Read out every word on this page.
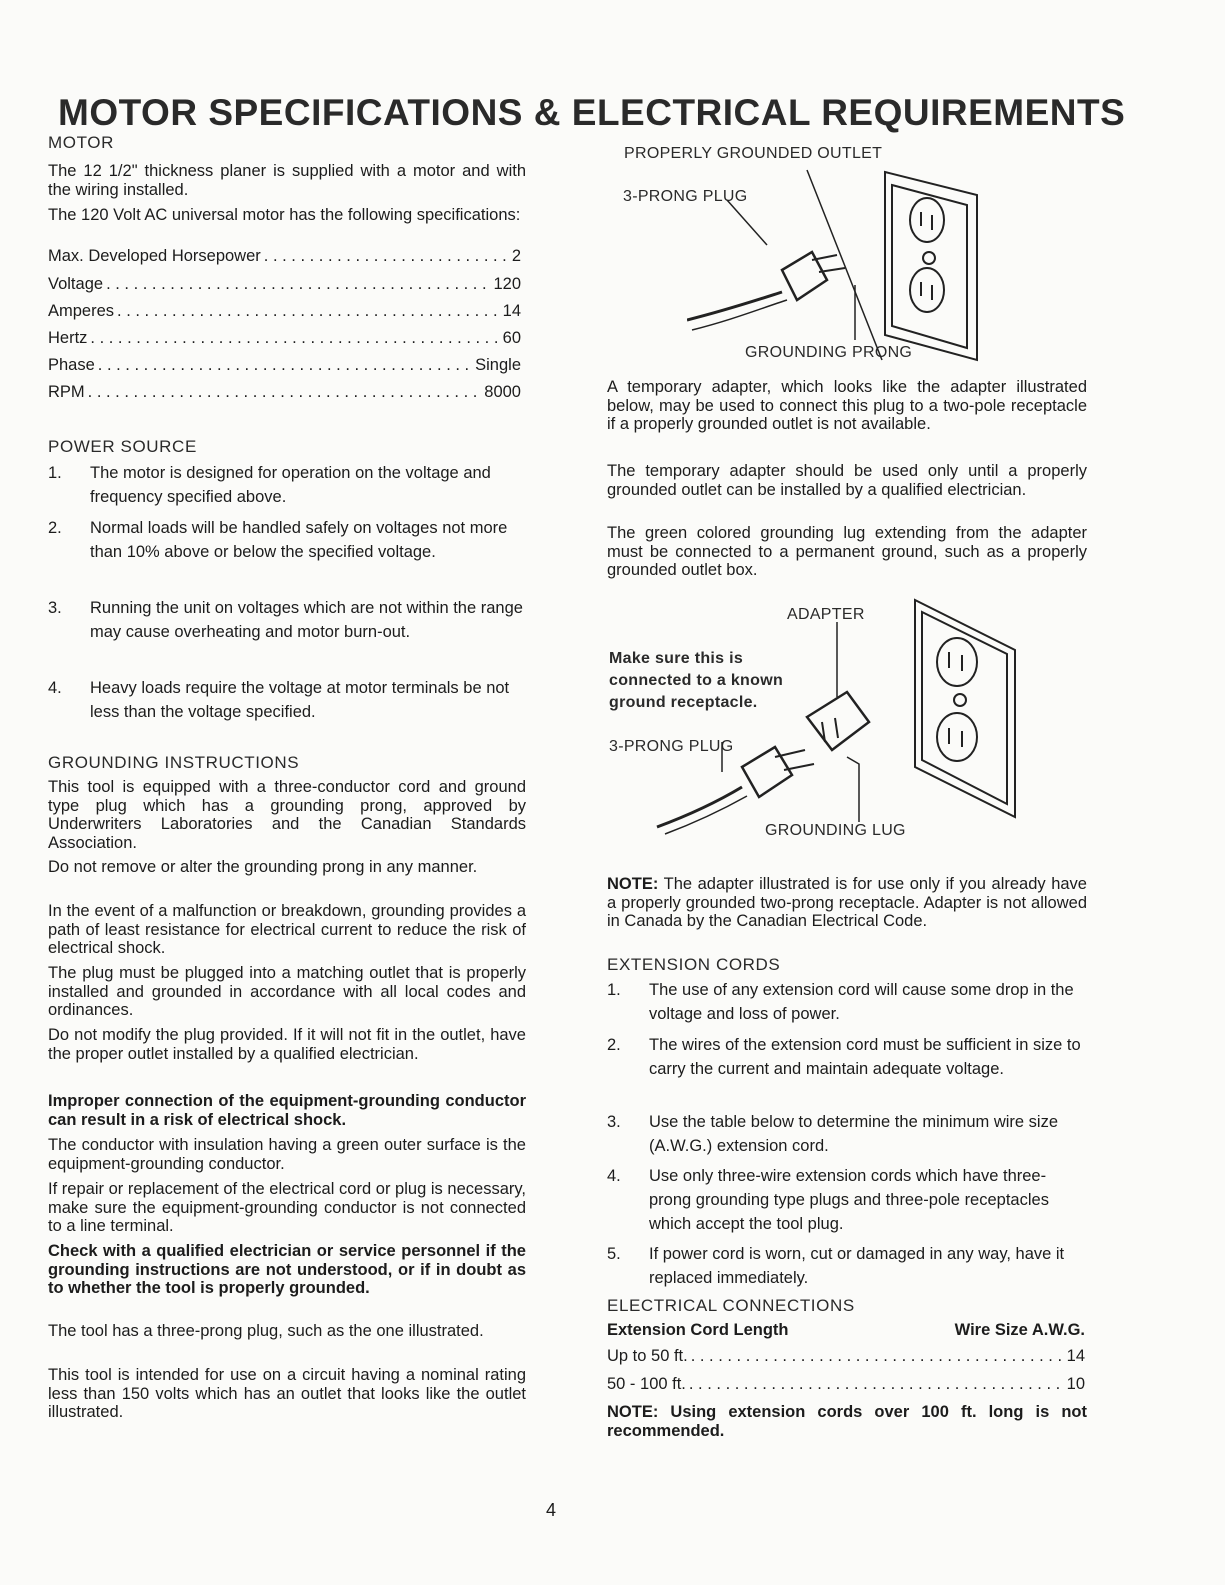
MOTOR SPECIFICATIONS & ELECTRICAL REQUIREMENTS
MOTOR
The 12 1/2" thickness planer is supplied with a motor and with the wiring installed.
The 120 Volt AC universal motor has the following specifications:
Max. Developed Horsepower . . .	2
Voltage . . .	120
Amperes . . .	14
Hertz . . .	60
Phase . . .	Single
RPM . . .	8000
POWER SOURCE
1. The motor is designed for operation on the voltage and frequency specified above.
2. Normal loads will be handled safely on voltages not more than 10% above or below the specified voltage.
3. Running the unit on voltages which are not within the range may cause overheating and motor burn-out.
4. Heavy loads require the voltage at motor terminals be not less than the voltage specified.
GROUNDING INSTRUCTIONS
This tool is equipped with a three-conductor cord and ground type plug which has a grounding prong, approved by Underwriters Laboratories and the Canadian Standards Association.
Do not remove or alter the grounding prong in any manner.
In the event of a malfunction or breakdown, grounding provides a path of least resistance for electrical current to reduce the risk of electrical shock.
The plug must be plugged into a matching outlet that is properly installed and grounded in accordance with all local codes and ordinances.
Do not modify the plug provided. If it will not fit in the outlet, have the proper outlet installed by a qualified electrician.
Improper connection of the equipment-grounding conductor can result in a risk of electrical shock.
The conductor with insulation having a green outer surface is the equipment-grounding conductor.
If repair or replacement of the electrical cord or plug is necessary, make sure the equipment-grounding conductor is not connected to a line terminal.
Check with a qualified electrician or service personnel if the grounding instructions are not understood, or if in doubt as to whether the tool is properly grounded.
The tool has a three-prong plug, such as the one illustrated.
This tool is intended for use on a circuit having a nominal rating less than 150 volts which has an outlet that looks like the outlet illustrated.
PROPERLY GROUNDED OUTLET
3-PRONG PLUG
GROUNDING PRONG
A temporary adapter, which looks like the adapter illustrated below, may be used to connect this plug to a two-pole receptacle if a properly grounded outlet is not available.
The temporary adapter should be used only until a properly grounded outlet can be installed by a qualified electrician.
The green colored grounding lug extending from the adapter must be connected to a permanent ground, such as a properly grounded outlet box.
ADAPTER
Make sure this is connected to a known ground receptacle.
3-PRONG PLUG
GROUNDING LUG
NOTE: The adapter illustrated is for use only if you already have a properly grounded two-prong receptacle. Adapter is not allowed in Canada by the Canadian Electrical Code.
EXTENSION CORDS
1. The use of any extension cord will cause some drop in the voltage and loss of power.
2. The wires of the extension cord must be sufficient in size to carry the current and maintain adequate voltage.
3. Use the table below to determine the minimum wire size (A.W.G.) extension cord.
4. Use only three-wire extension cords which have three-prong grounding type plugs and three-pole receptacles which accept the tool plug.
5. If power cord is worn, cut or damaged in any way, have it replaced immediately.
ELECTRICAL CONNECTIONS
Extension Cord Length	Wire Size A.W.G.
Up to 50 ft. . . .	14
50 - 100 ft. . . .	10
NOTE: Using extension cords over 100 ft. long is not recommended.
4
